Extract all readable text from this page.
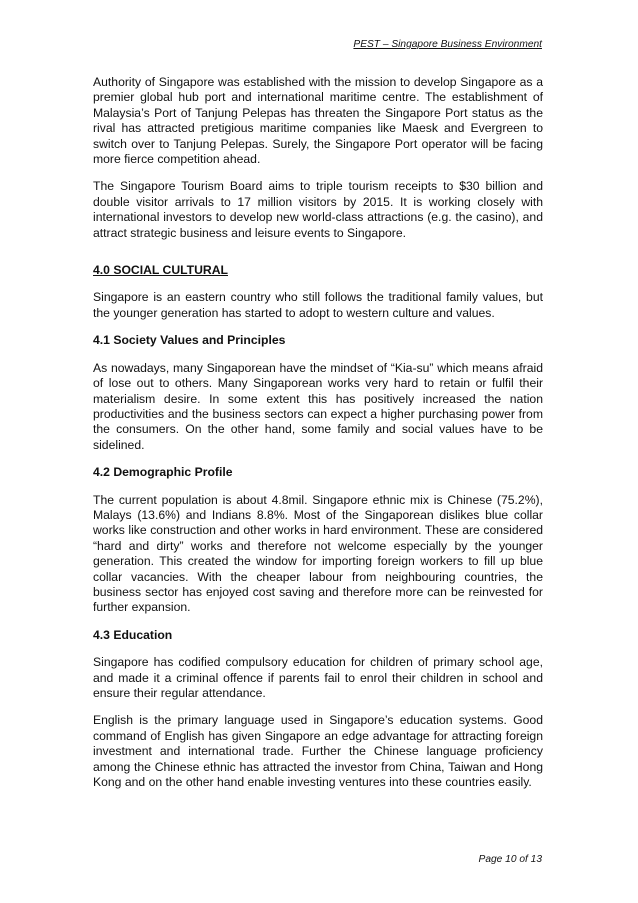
PEST – Singapore Business Environment

Authority of Singapore was established with the mission to develop Singapore as a premier global hub port and international maritime centre. The establishment of Malaysia’s Port of Tanjung Pelepas has threaten the Singapore Port status as the rival has attracted pretigious maritime companies like Maesk and Evergreen to switch over to Tanjung Pelepas. Surely, the Singapore Port operator will be facing more fierce competition ahead.

The Singapore Tourism Board aims to triple tourism receipts to $30 billion and double visitor arrivals to 17 million visitors by 2015. It is working closely with international investors to develop new world-class attractions (e.g. the casino), and attract strategic business and leisure events to Singapore.

4.0 SOCIAL CULTURAL

Singapore is an eastern country who still follows the traditional family values, but the younger generation has started to adopt to western culture and values.

4.1 Society Values and Principles

As nowadays, many Singaporean have the mindset of “Kia-su” which means afraid of lose out to others. Many Singaporean works very hard to retain or fulfil their materialism desire. In some extent this has positively increased the nation productivities and the business sectors can expect a higher purchasing power from the consumers. On the other hand, some family and social values have to be sidelined.

4.2 Demographic Profile

The current population is about 4.8mil. Singapore ethnic mix is Chinese (75.2%), Malays (13.6%) and Indians 8.8%. Most of the Singaporean dislikes blue collar works like construction and other works in hard environment. These are considered “hard and dirty” works and therefore not welcome especially by the younger generation. This created the window for importing foreign workers to fill up blue collar vacancies. With the cheaper labour from neighbouring countries, the business sector has enjoyed cost saving and therefore more can be reinvested for further expansion.

4.3 Education

Singapore has codified compulsory education for children of primary school age, and made it a criminal offence if parents fail to enrol their children in school and ensure their regular attendance.

English is the primary language used in Singapore’s education systems. Good command of English has given Singapore an edge advantage for attracting foreign investment and international trade. Further the Chinese language proficiency among the Chinese ethnic has attracted the investor from China, Taiwan and Hong Kong and on the other hand enable investing ventures into these countries easily.

Page 10 of 13
